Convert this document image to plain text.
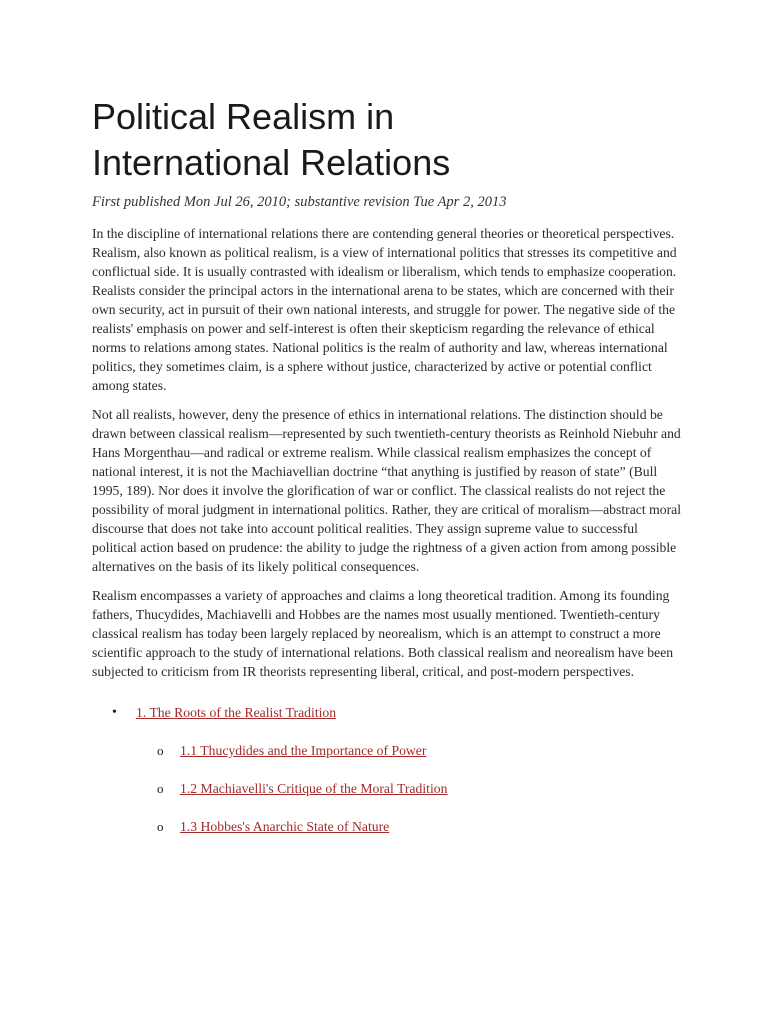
Political Realism in
International Relations

First published Mon Jul 26, 2010; substantive revision Tue Apr 2, 2013

In the discipline of international relations there are contending general theories or theoretical perspectives. Realism, also known as political realism, is a view of international politics that stresses its competitive and conflictual side. It is usually contrasted with idealism or liberalism, which tends to emphasize cooperation. Realists consider the principal actors in the international arena to be states, which are concerned with their own security, act in pursuit of their own national interests, and struggle for power. The negative side of the realists' emphasis on power and self-interest is often their skepticism regarding the relevance of ethical norms to relations among states. National politics is the realm of authority and law, whereas international politics, they sometimes claim, is a sphere without justice, characterized by active or potential conflict among states.

Not all realists, however, deny the presence of ethics in international relations. The distinction should be drawn between classical realism—represented by such twentieth-century theorists as Reinhold Niebuhr and Hans Morgenthau—and radical or extreme realism. While classical realism emphasizes the concept of national interest, it is not the Machiavellian doctrine “that anything is justified by reason of state” (Bull 1995, 189). Nor does it involve the glorification of war or conflict. The classical realists do not reject the possibility of moral judgment in international politics. Rather, they are critical of moralism—abstract moral discourse that does not take into account political realities. They assign supreme value to successful political action based on prudence: the ability to judge the rightness of a given action from among possible alternatives on the basis of its likely political consequences.

Realism encompasses a variety of approaches and claims a long theoretical tradition. Among its founding fathers, Thucydides, Machiavelli and Hobbes are the names most usually mentioned. Twentieth-century classical realism has today been largely replaced by neorealism, which is an attempt to construct a more scientific approach to the study of international relations. Both classical realism and neorealism have been subjected to criticism from IR theorists representing liberal, critical, and post-modern perspectives.

• 1. The Roots of the Realist Tradition
o 1.1 Thucydides and the Importance of Power
o 1.2 Machiavelli's Critique of the Moral Tradition
o 1.3 Hobbes's Anarchic State of Nature
